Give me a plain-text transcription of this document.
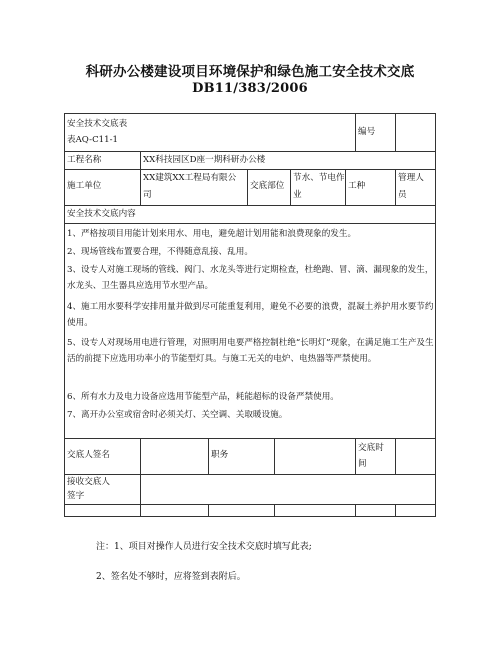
科研办公楼建设项目环境保护和绿色施工安全技术交底
DB11/383/2006
安全技术交底表
表AQ-C11-1
编号
工程名称	XX科技园区D座一期科研办公楼
施工单位
XX建筑XX工程局有限公
司
交底部位
节水、节电作
业
工种
管理人
员
安全技术交底内容
1、严格按项目用能计划来用水、用电，避免超计划用能和浪费现象的发生。
2、现场管线布置要合理，不得随意乱接、乱用。
3、设专人对施工现场的管线、阀门、水龙头等进行定期检查，杜绝跑、冒、滴、漏现象的发生，水龙头、卫生器具应选用节水型产品。
4、施工用水要科学安排用量并做到尽可能重复利用，避免不必要的浪费，混凝土养护用水要节约使用。
5、设专人对现场用电进行管理，对照明用电要严格控制杜绝“长明灯”现象，在满足施工生产及生活的前提下应选用功率小的节能型灯具。与施工无关的电炉、电热器等严禁使用。
6、所有水力及电力设备应选用节能型产品，耗能超标的设备严禁使用。
7、离开办公室或宿舍时必须关灯、关空调、关取暖设施。
交底人签名	职务
交底时
间
接收交底人
签字
注：1、项目对操作人员进行安全技术交底时填写此表;
2、签名处不够时，应将签到表附后。
